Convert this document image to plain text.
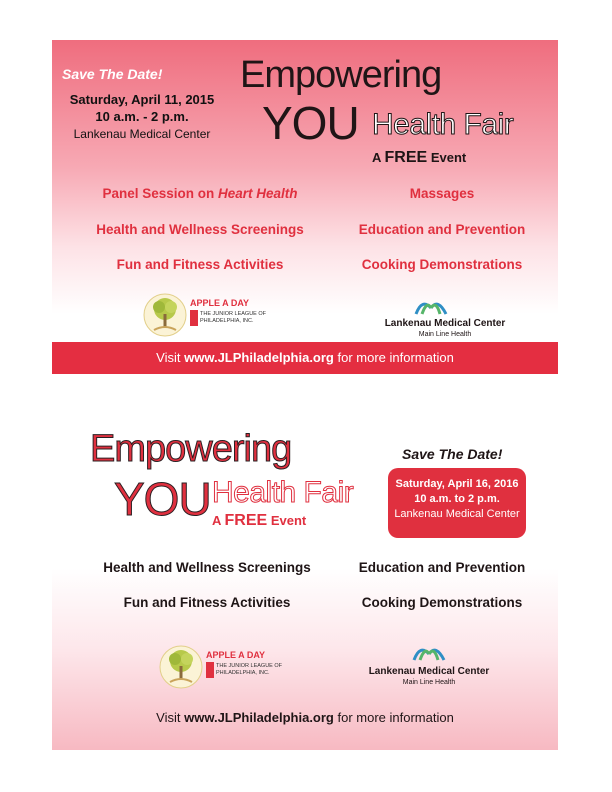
Save The Date!
Saturday, April 11, 2015
10 a.m. - 2 p.m.
Lankenau Medical Center
Empowering
YOU Health Fair
A FREE Event
Panel Session on Heart Health
Health and Wellness Screenings
Fun and Fitness Activities
Massages
Education and Prevention
Cooking Demonstrations
APPLE A DAY
THE JUNIOR LEAGUE OF
PHILADELPHIA, INC.	Lankenau Medical Center
Main Line Health
Visit www.JLPhiladelphia.org for more information
Empowering
YOU Health Fair
A FREE Event
Save The Date!
Saturday, April 16, 2016
10 a.m. to 2 p.m.
Lankenau Medical Center
Health and Wellness Screenings
Fun and Fitness Activities
Education and Prevention
Cooking Demonstrations
APPLE A DAY
THE JUNIOR LEAGUE OF
PHILADELPHIA, INC.	Lankenau Medical Center
Main Line Health
Visit www.JLPhiladelphia.org for more information
